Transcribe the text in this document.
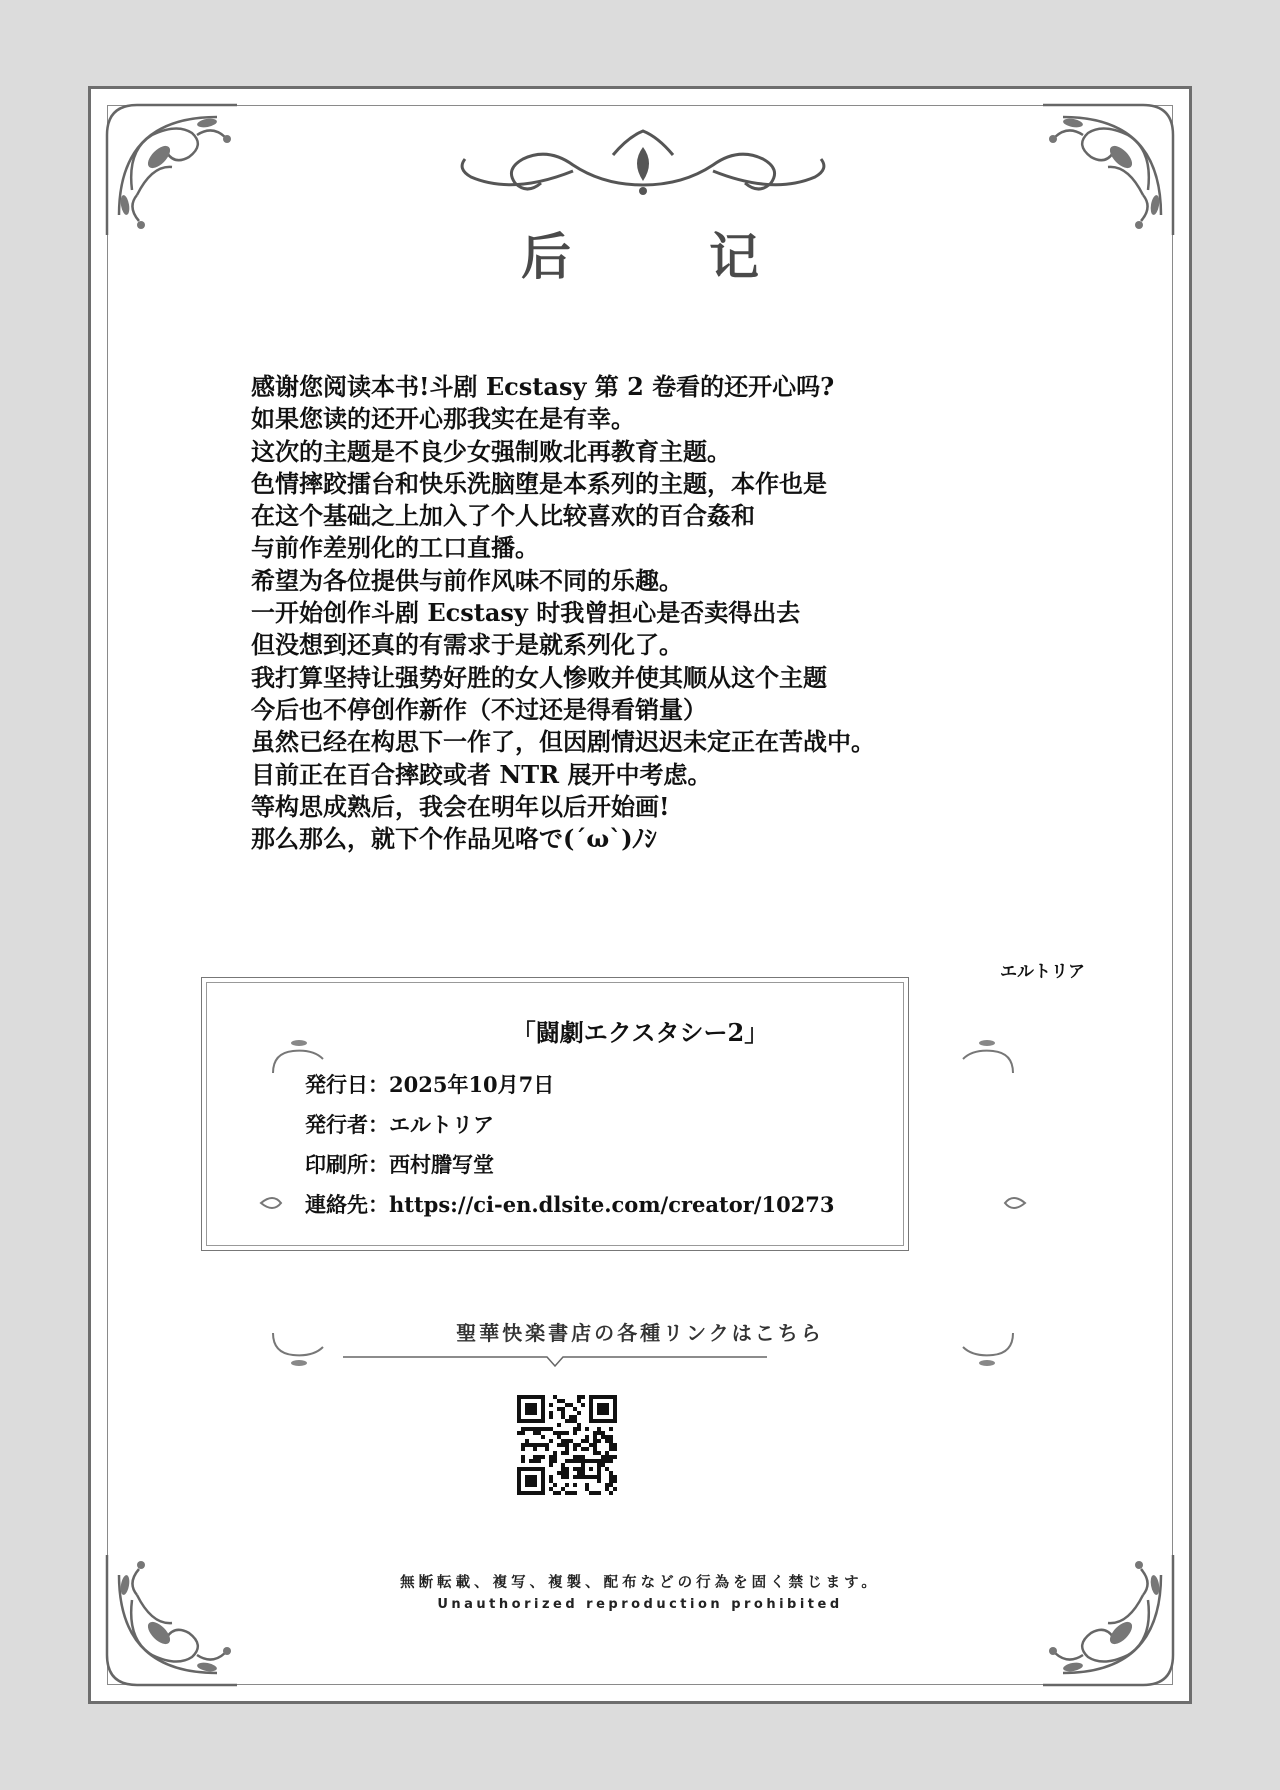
后　记
感谢您阅读本书!斗剧 Ecstasy 第 2 卷看的还开心吗?
如果您读的还开心那我实在是有幸。
这次的主题是不良少女强制败北再教育主题。
色情摔跤擂台和快乐洗脑堕是本系列的主题，本作也是
在这个基础之上加入了个人比较喜欢的百合姦和
与前作差别化的工口直播。
希望为各位提供与前作风味不同的乐趣。
一开始创作斗剧 Ecstasy 时我曾担心是否卖得出去
但没想到还真的有需求于是就系列化了。
我打算坚持让强势好胜的女人惨败并使其顺从这个主题
今后也不停创作新作（不过还是得看销量）
虽然已经在构思下一作了，但因剧情迟迟未定正在苦战中。
目前正在百合摔跤或者 NTR 展开中考虑。
等构思成熟后，我会在明年以后开始画!
那么那么，就下个作品见咯で(´ω`)ﾉｼ
エルトリア
「闘劇エクスタシー2」
発行日：2025年10月7日
発行者：エルトリア
印刷所：西村謄写堂
連絡先：https://ci-en.dlsite.com/creator/10273
聖華快楽書店の各種リンクはこちら
無断転載、複写、複製、配布などの行為を固く禁じます。
Unauthorized reproduction prohibited
